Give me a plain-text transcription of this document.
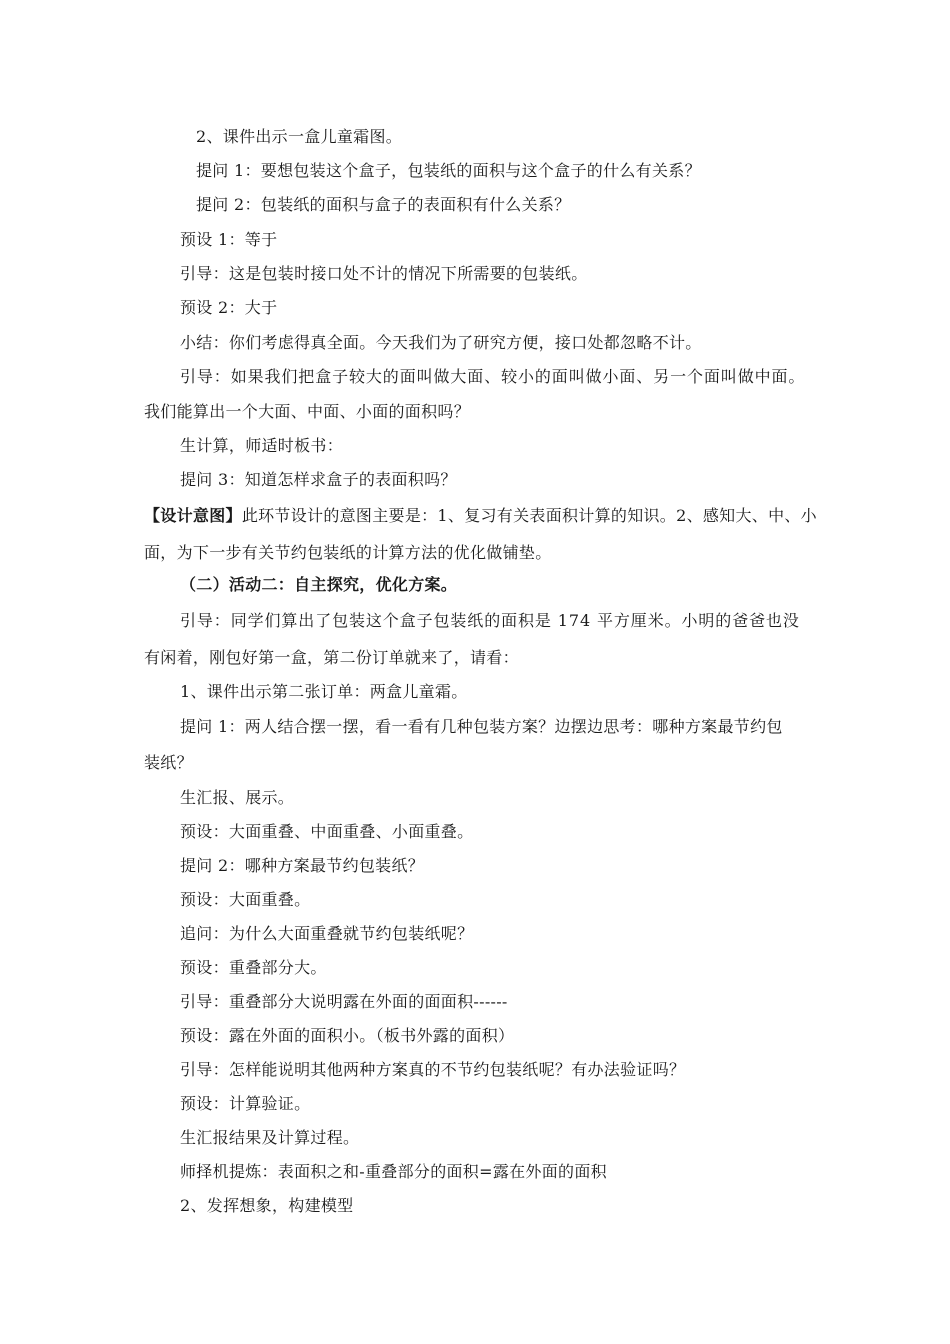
2、课件出示一盒儿童霜图。
提问 1：要想包装这个盒子，包装纸的面积与这个盒子的什么有关系？
提问 2：包装纸的面积与盒子的表面积有什么关系？
预设 1：等于
引导：这是包装时接口处不计的情况下所需要的包装纸。
预设 2：大于
小结：你们考虑得真全面。今天我们为了研究方便，接口处都忽略不计。
引导：如果我们把盒子较大的面叫做大面、较小的面叫做小面、另一个面叫做中面。
我们能算出一个大面、中面、小面的面积吗？
生计算，师适时板书：
提问 3：知道怎样求盒子的表面积吗？
【设计意图】此环节设计的意图主要是：1、复习有关表面积计算的知识。2、感知大、中、小
面，为下一步有关节约包装纸的计算方法的优化做铺垫。
（二）活动二：自主探究，优化方案。
引导：同学们算出了包装这个盒子包装纸的面积是 174 平方厘米。小明的爸爸也没
有闲着，刚包好第一盒，第二份订单就来了，请看：
1、课件出示第二张订单：两盒儿童霜。
提问 1：两人结合摆一摆，看一看有几种包装方案？边摆边思考：哪种方案最节约包
装纸？
生汇报、展示。
预设：大面重叠、中面重叠、小面重叠。
提问 2：哪种方案最节约包装纸？
预设：大面重叠。
追问：为什么大面重叠就节约包装纸呢？
预设：重叠部分大。
引导：重叠部分大说明露在外面的面面积------
预设：露在外面的面积小。（板书外露的面积）
引导：怎样能说明其他两种方案真的不节约包装纸呢？有办法验证吗？
预设：计算验证。
生汇报结果及计算过程。
师择机提炼：表面积之和-重叠部分的面积=露在外面的面积
2、发挥想象，构建模型
